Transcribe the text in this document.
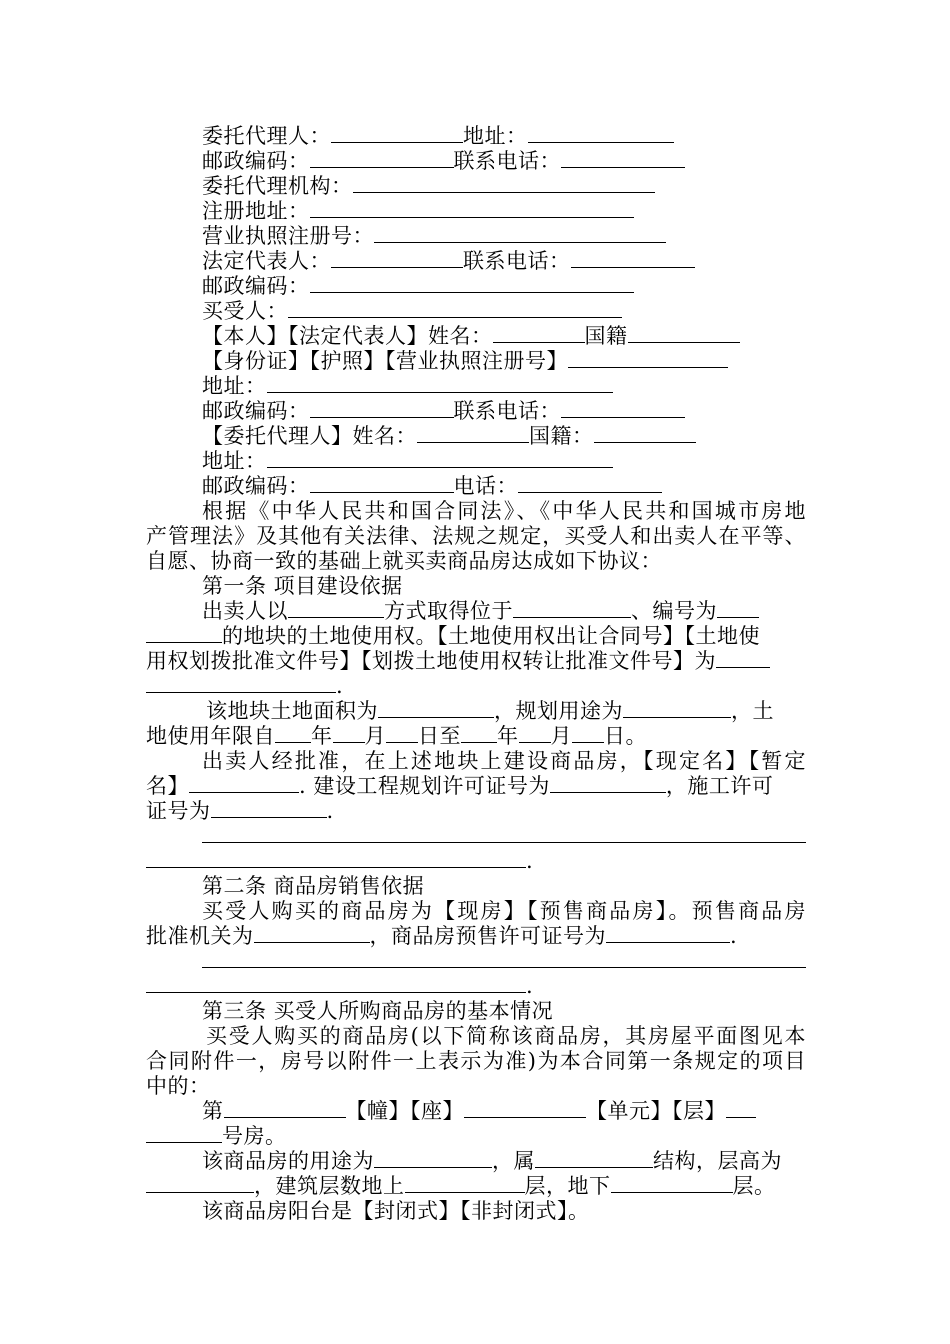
委托代理人：	地址：
邮政编码：	联系电话：
委托代理机构：
注册地址：
营业执照注册号：
法定代表人：	联系电话：
邮政编码：
买受人：
【本人】【法定代表人】姓名：	国籍
【身份证】【护照】【营业执照注册号】
地址：
邮政编码：	联系电话：
【委托代理人】姓名：	国籍：
地址：
邮政编码：	电话：
根据《中华人民共和国合同法》、《中华人民共和国城市房地
产管理法》及其他有关法律、法规之规定，买受人和出卖人在平等、
自愿、协商一致的基础上就买卖商品房达成如下协议：
第一条 项目建设依据
出卖人以	方式取得位于	、编号为
的地块的土地使用权。【土地使用权出让合同号】【土地使
用权划拨批准文件号】【划拨土地使用权转让批准文件号】为
.
该地块土地面积为	，规划用途为	，土
地使用年限自 年 月 日至 年 月 日。
出卖人经批准，在上述地块上建设商品房，【现定名】【暂定
名】	. 建设工程规划许可证号为	，施工许可
证号为	.
.
第二条 商品房销售依据
买受人购买的商品房为【现房】【预售商品房】。预售商品房
批准机关为	，商品房预售许可证号为	.
.
第三条 买受人所购商品房的基本情况
买受人购买的商品房(以下简称该商品房，其房屋平面图见本
合同附件一，房号以附件一上表示为准)为本合同第一条规定的项目
中的：
第	【幢】【座】	【单元】【层】
号房。
该商品房的用途为	，属	结构，层高为
，建筑层数地上	层，地下	层。
该商品房阳台是【封闭式】【非封闭式】。
